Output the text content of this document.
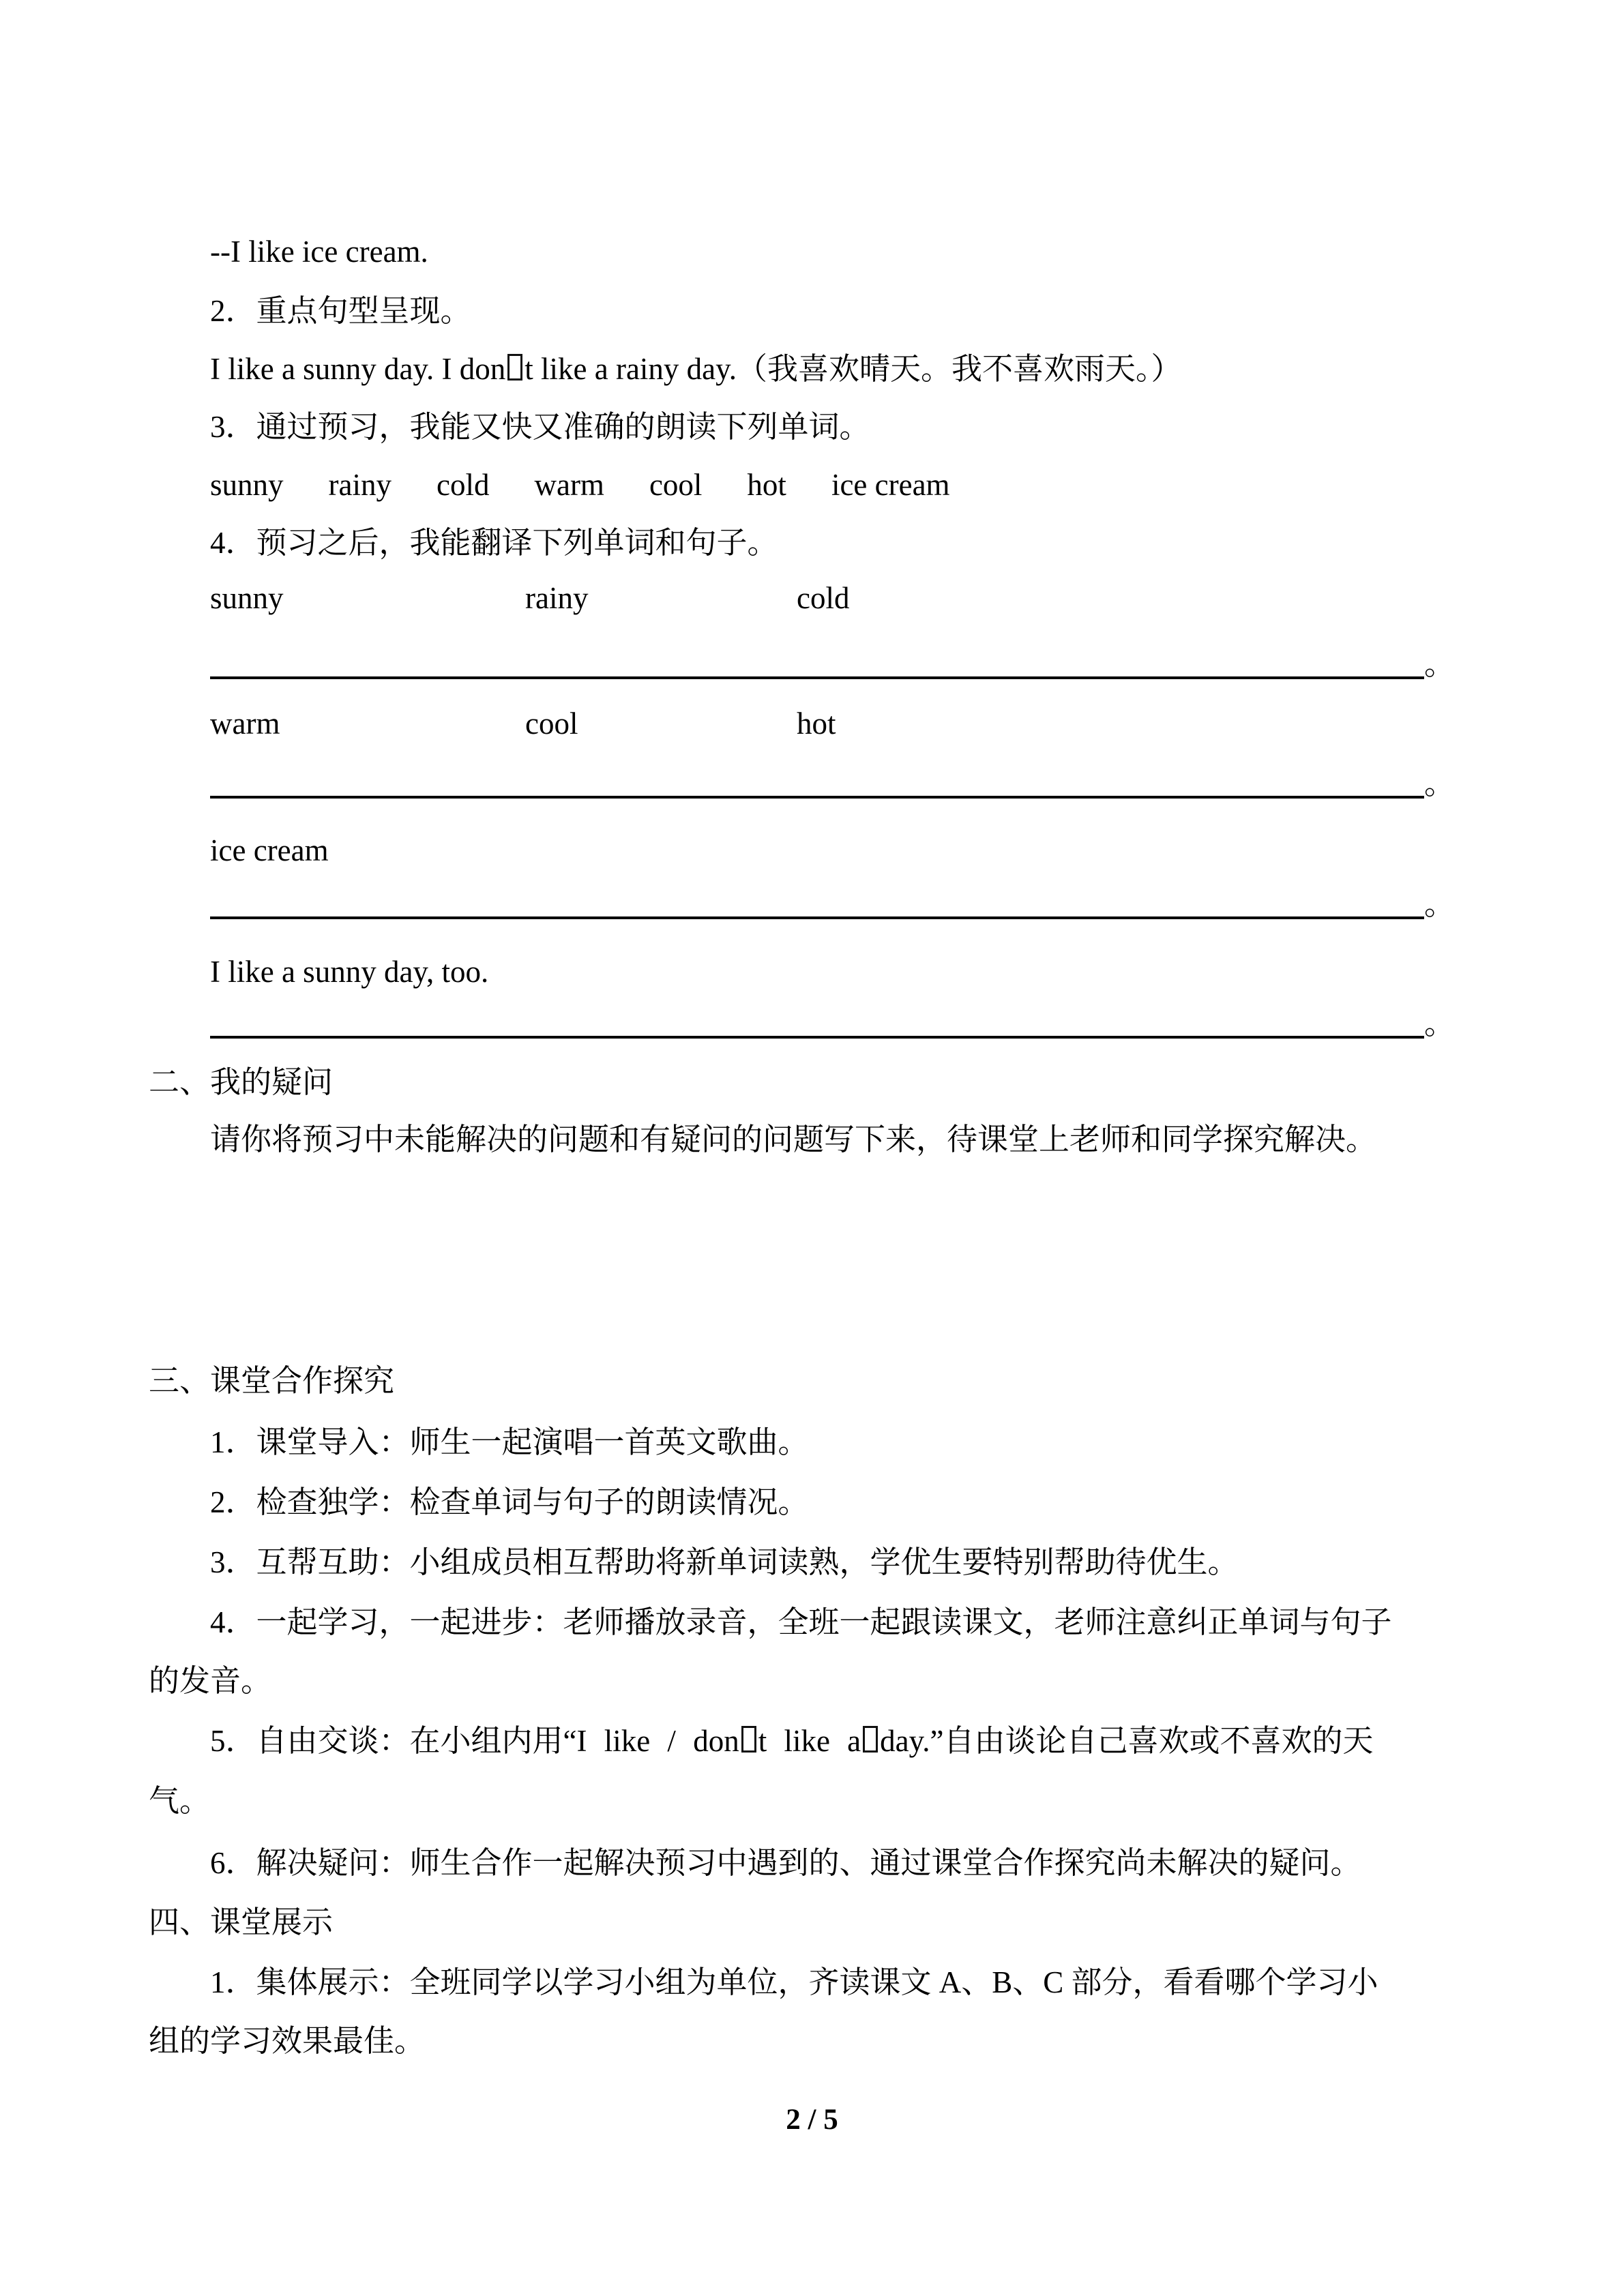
--I like ice cream.
2．重点句型呈现。
I like a sunny day. I don t like a rainy day.（我喜欢晴天。我不喜欢雨天。）
3．通过预习，我能又快又准确的朗读下列单词。
sunny rainy cold warm cool hot ice cream
4．预习之后，我能翻译下列单词和句子。
sunny	rainy	cold
。
warm	cool	hot
。
ice cream
。
I like a sunny day, too.
。
二、我的疑问
请你将预习中未能解决的问题和有疑问的问题写下来，待课堂上老师和同学探究解决。
三、课堂合作探究
1．课堂导入：师生一起演唱一首英文歌曲。
2．检查独学：检查单词与句子的朗读情况。
3．互帮互助：小组成员相互帮助将新单词读熟，学优生要特别帮助待优生。
4．一起学习，一起进步：老师播放录音，全班一起跟读课文，老师注意纠正单词与句子
的发音。
5．自由交谈：在小组内用“I like / don t like a day.”自由谈论自己喜欢或不喜欢的天
气。
6．解决疑问：师生合作一起解决预习中遇到的、通过课堂合作探究尚未解决的疑问。
四、课堂展示
1．集体展示：全班同学以学习小组为单位，齐读课文 A、B、C 部分，看看哪个学习小
组的学习效果最佳。
2 / 5
